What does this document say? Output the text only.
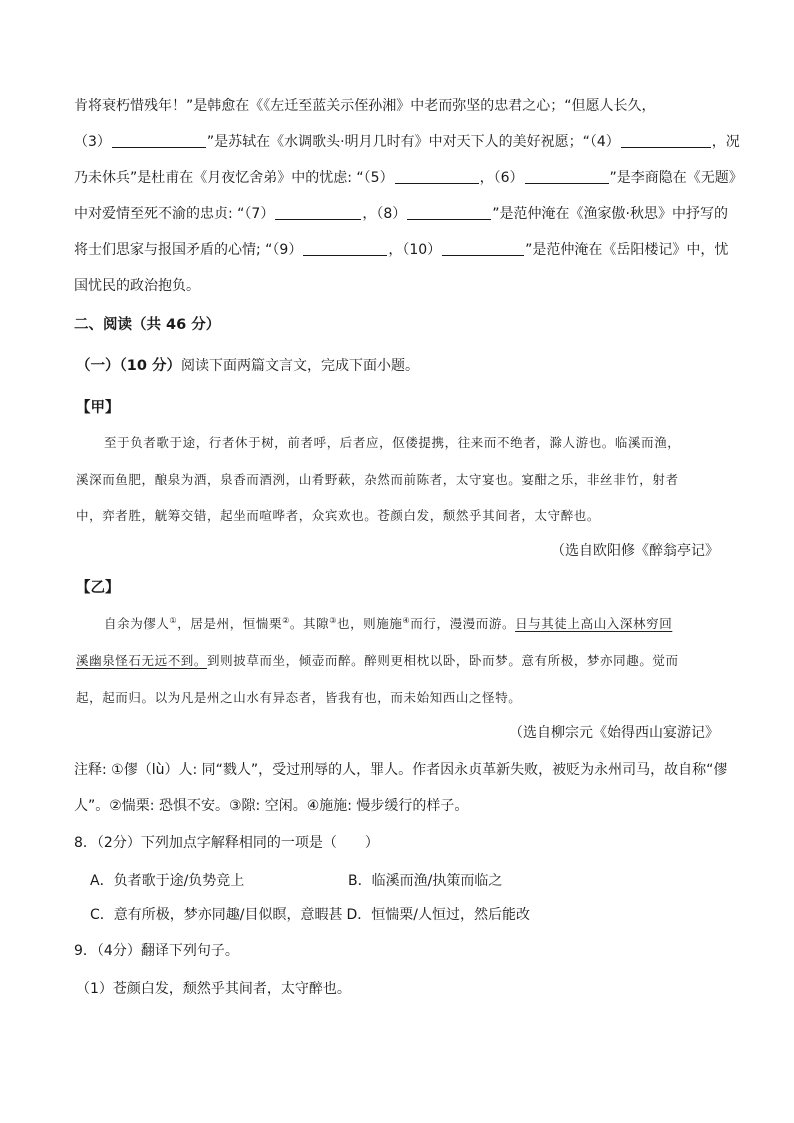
肯将衰朽惜残年！”是韩愈在《《左迁至蓝关示侄孙湘》中老而弥坚的忠君之心；“但愿人长久，
（3）	”是苏轼在《水调歌头·明月几时有》中对天下人的美好祝愿；“（4）	，况
乃未休兵”是杜甫在《月夜忆舍弟》中的忧虑: “（5）	，（6）	”是李商隐在《无题》
中对爱情至死不渝的忠贞: “（7）	，（8）	”是范仲淹在《渔家傲·秋思》中抒写的
将士们思家与报国矛盾的心情; “（9）	，（10）	”是范仲淹在《岳阳楼记》中，忧
国忧民的政治抱负。
二、阅读（共 46 分）
（一）（10 分）阅读下面两篇文言文，完成下面小题。
【甲】
至于负者歌于途，行者休于树，前者呼，后者应，伛偻提携，往来而不绝者，滁人游也。临溪而渔，
溪深而鱼肥，酿泉为酒，泉香而酒洌，山肴野蔌，杂然而前陈者，太守宴也。宴酣之乐，非丝非竹，射者
中，弈者胜，觥筹交错，起坐而喧哗者，众宾欢也。苍颜白发，颓然乎其间者，太守醉也。
（选自欧阳修《醉翁亭记》
【乙】
自余为僇人①，居是州，恒惴栗②。其隙③也，则施施④而行，漫漫而游。日与其徒上高山入深林穷回
溪幽泉怪石无远不到。到则披草而坐，倾壶而醉。醉则更相枕以卧，卧而梦。意有所极，梦亦同趣。觉而
起，起而归。以为凡是州之山水有异态者，皆我有也，而未始知西山之怪特。
（选自柳宗元《始得西山宴游记》
注释: ①僇（lù）人: 同“戮人”，受过刑辱的人，罪人。作者因永贞革新失败，被贬为永州司马，故自称“僇
人”。②惴栗: 恐惧不安。③隙: 空闲。④施施: 慢步缓行的样子。
8．（2分）下列加点字解释相同的一项是（　　）
A．负者歌于途/负势竞上	B．临溪而渔/执策而临之
C．意有所极，梦亦同趣/目似瞑，意暇甚 D．恒惴栗/人恒过，然后能改
9．（4分）翻译下列句子。
（1）苍颜白发，颓然乎其间者，太守醉也。
